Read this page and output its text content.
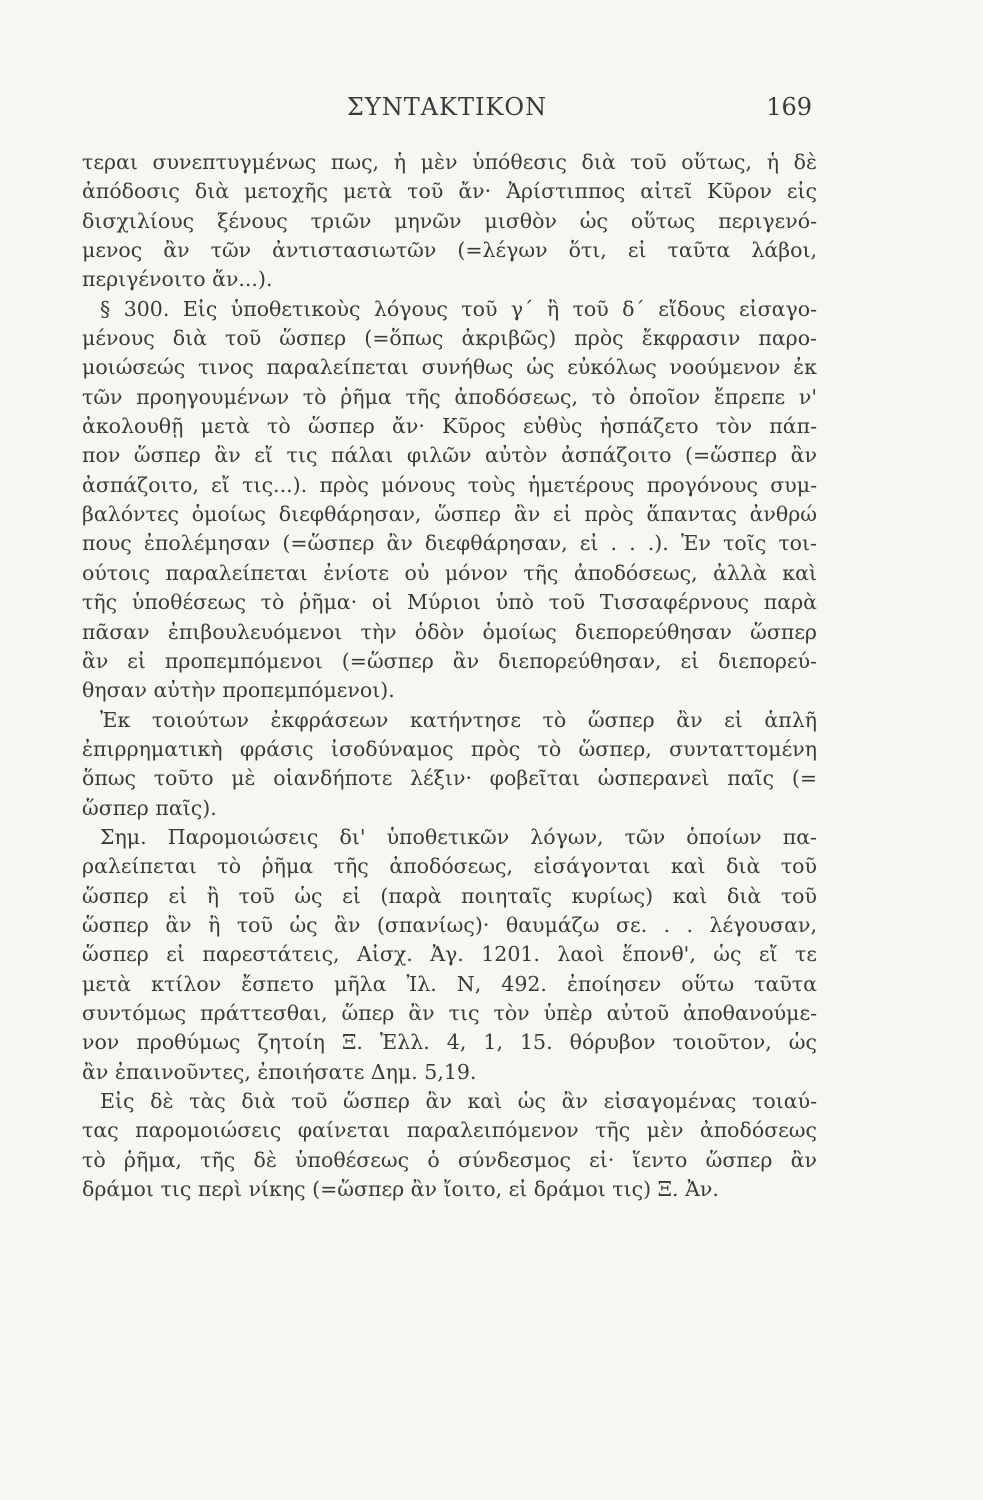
ΣΥΝΤΑΚΤΙΚΟΝ	169
τεραι συνεπτυγμένως πως, ἡ μὲν ὑπόθεσις διὰ τοῦ οὕτως, ἡ δὲ
ἀπόδοσις διὰ μετοχῆς μετὰ τοῦ ἄν· Ἀρίστιππος αἰτεῖ Κῦρον εἰς
δισχιλίους ξένους τριῶν μηνῶν μισθὸν ὡς οὕτως περιγενό-
μενος ἂν τῶν ἀντιστασιωτῶν (=λέγων ὅτι, εἰ ταῦτα λάβοι,
περιγένοιτο ἄν...).
§ 300. Εἰς ὑποθετικοὺς λόγους τοῦ γ΄ ἢ τοῦ δ΄ εἴδους εἰσαγο-
μένους διὰ τοῦ ὥσπερ (=ὅπως ἀκριβῶς) πρὸς ἔκφρασιν παρο-
μοιώσεώς τινος παραλείπεται συνήθως ὡς εὐκόλως νοούμενον ἐκ
τῶν προηγουμένων τὸ ῥῆμα τῆς ἀποδόσεως, τὸ ὁποῖον ἔπρεπε ν'
ἀκολουθῇ μετὰ τὸ ὥσπερ ἄν· Κῦρος εὐθὺς ἠσπάζετο τὸν πάπ-
πον ὥσπερ ἂν εἴ τις πάλαι φιλῶν αὐτὸν ἀσπάζοιτο (=ὥσπερ ἂν
ἀσπάζοιτο, εἴ τις...). πρὸς μόνους τοὺς ἡμετέρους προγόνους συμ-
βαλόντες ὁμοίως διεφθάρησαν, ὥσπερ ἂν εἰ πρὸς ἅπαντας ἀνθρώ
πους ἐπολέμησαν (=ὥσπερ ἂν διεφθάρησαν, εἰ . . .). Ἐν τοῖς τοι-
ούτοις παραλείπεται ἐνίοτε οὐ μόνον τῆς ἀποδόσεως, ἀλλὰ καὶ
τῆς ὑποθέσεως τὸ ῥῆμα· οἱ Μύριοι ὑπὸ τοῦ Τισσαφέρνους παρὰ
πᾶσαν ἐπιβουλευόμενοι τὴν ὁδὸν ὁμοίως διεπορεύθησαν ὥσπερ
ἂν εἰ προπεμπόμενοι (=ὥσπερ ἂν διεπορεύθησαν, εἰ διεπορεύ-
θησαν αὐτὴν προπεμπόμενοι).
Ἐκ τοιούτων ἐκφράσεων κατήντησε τὸ ὥσπερ ἂν εἰ ἁπλῆ
ἐπιρρηματικὴ φράσις ἰσοδύναμος πρὸς τὸ ὥσπερ, συνταττομένη
ὅπως τοῦτο μὲ οἱανδήποτε λέξιν· φοβεῖται ὡσπερανεὶ παῖς (=
ὥσπερ παῖς).
Σημ. Παρομοιώσεις δι' ὑποθετικῶν λόγων, τῶν ὁποίων πα-
ραλείπεται τὸ ῥῆμα τῆς ἀποδόσεως, εἰσάγονται καὶ διὰ τοῦ
ὥσπερ εἰ ἢ τοῦ ὡς εἰ (παρὰ ποιηταῖς κυρίως) καὶ διὰ τοῦ
ὥσπερ ἂν ἢ τοῦ ὡς ἂν (σπανίως)· θαυμάζω σε. . . λέγουσαν,
ὥσπερ εἰ παρεστάτεις, Αἰσχ. Ἀγ. 1201. λαοὶ ἕπονθ', ὡς εἴ τε
μετὰ κτίλον ἔσπετο μῆλα Ἰλ. Ν, 492. ἐποίησεν οὕτω ταῦτα
συντόμως πράττεσθαι, ὥπερ ἂν τις τὸν ὑπὲρ αὐτοῦ ἀποθανούμε-
νον προθύμως ζητοίη Ξ. Ἑλλ. 4, 1, 15. θόρυβον τοιοῦτον, ὡς
ἂν ἐπαινοῦντες, ἐποιήσατε Δημ. 5,19.
Εἰς δὲ τὰς διὰ τοῦ ὥσπερ ἂν καὶ ὡς ἂν εἰσαγομένας τοιαύ-
τας παρομοιώσεις φαίνεται παραλειπόμενον τῆς μὲν ἀποδόσεως
τὸ ῥῆμα, τῆς δὲ ὑποθέσεως ὁ σύνδεσμος εἰ· ἵεντο ὥσπερ ἂν
δράμοι τις περὶ νίκης (=ὥσπερ ἂν ἴοιτο, εἰ δράμοι τις) Ξ. Ἀν.
